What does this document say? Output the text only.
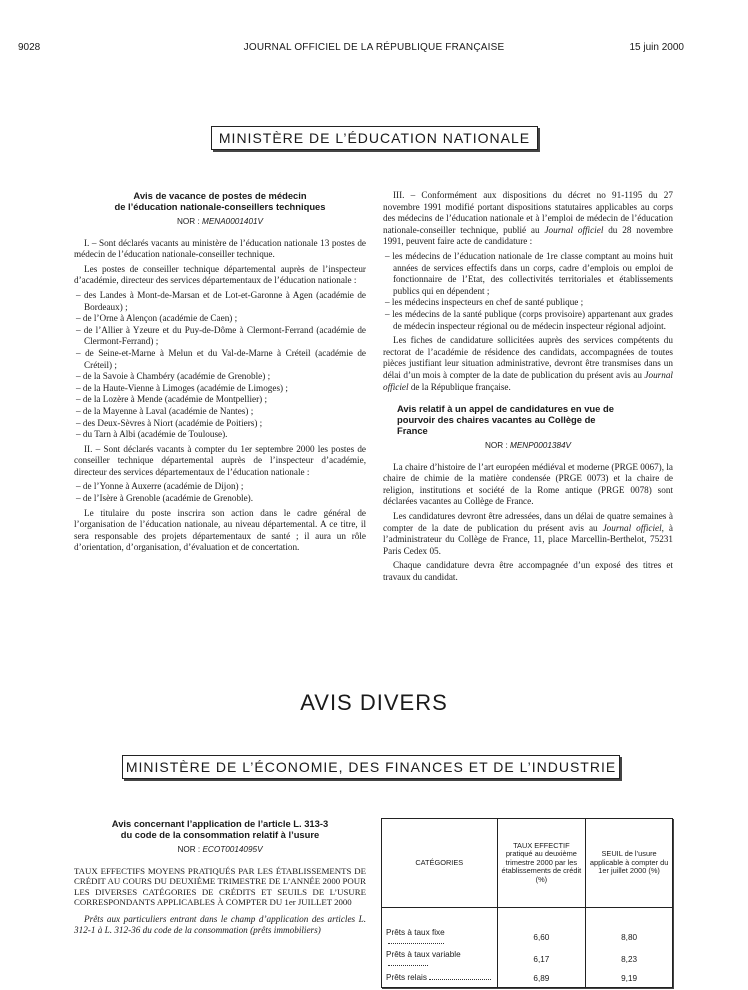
9028	JOURNAL OFFICIEL DE LA RÉPUBLIQUE FRANÇAISE	15 juin 2000
MINISTÈRE DE L’ÉDUCATION NATIONALE
Avis de vacance de postes de médecin
de l’éducation nationale-conseillers techniques
NOR : MENA0001401V

I. – Sont déclarés vacants au ministère de l’éducation nationale 13 postes de médecin de l’éducation nationale-conseiller technique.

Les postes de conseiller technique départemental auprès de l’inspecteur d’académie, directeur des services départementaux de l’éducation nationale :

– des Landes à Mont-de-Marsan et de Lot-et-Garonne à Agen (académie de Bordeaux) ;
– de l’Orne à Alençon (académie de Caen) ;
– de l’Allier à Yzeure et du Puy-de-Dôme à Clermont-Ferrand (académie de Clermont-Ferrand) ;
– de Seine-et-Marne à Melun et du Val-de-Marne à Créteil (académie de Créteil) ;
– de la Savoie à Chambéry (académie de Grenoble) ;
– de la Haute-Vienne à Limoges (académie de Limoges) ;
– de la Lozère à Mende (académie de Montpellier) ;
– de la Mayenne à Laval (académie de Nantes) ;
– des Deux-Sèvres à Niort (académie de Poitiers) ;
– du Tarn à Albi (académie de Toulouse).

II. – Sont déclarés vacants à compter du 1er septembre 2000 les postes de conseiller technique départemental auprès de l’inspecteur d’académie, directeur des services départementaux de l’éducation nationale :

– de l’Yonne à Auxerre (académie de Dijon) ;
– de l’Isère à Grenoble (académie de Grenoble).

Le titulaire du poste inscrira son action dans le cadre général de l’organisation de l’éducation nationale, au niveau départemental. A ce titre, il sera responsable des projets départementaux de santé ; il aura un rôle d’orientation, d’organisation, d’évaluation et de concertation.

III. – Conformément aux dispositions du décret no 91-1195 du 27 novembre 1991 modifié portant dispositions statutaires applicables au corps des médecins de l’éducation nationale et à l’emploi de médecin de l’éducation nationale-conseiller technique, publié au Journal officiel du 28 novembre 1991, peuvent faire acte de candidature :

– les médecins de l’éducation nationale de 1re classe comptant au moins huit années de services effectifs dans un corps, cadre d’emplois ou emploi de fonctionnaire de l’Etat, des collectivités territoriales et établissements publics qui en dépendent ;
– les médecins inspecteurs en chef de santé publique ;
– les médecins de la santé publique (corps provisoire) appartenant aux grades de médecin inspecteur régional ou de médecin inspecteur régional adjoint.

Les fiches de candidature sollicitées auprès des services compétents du rectorat de l’académie de résidence des candidats, accompagnées de toutes pièces justifiant leur situation administrative, devront être transmises dans un délai d’un mois à compter de la date de publication du présent avis au Journal officiel de la République française.

Avis relatif à un appel de candidatures en vue de
pourvoir des chaires vacantes au Collège de
France
NOR : MENP0001384V

La chaire d’histoire de l’art européen médiéval et moderne (PRGE 0067), la chaire de chimie de la matière condensée (PRGE 0073) et la chaire de religion, institutions et société de la Rome antique (PRGE 0078) sont déclarées vacantes au Collège de France.

Les candidatures devront être adressées, dans un délai de quatre semaines à compter de la date de publication du présent avis au Journal officiel, à l’administrateur du Collège de France, 11, place Marcellin-Berthelot, 75231 Paris Cedex 05.

Chaque candidature devra être accompagnée d’un exposé des titres et travaux du candidat.

AVIS DIVERS
MINISTÈRE DE L’ÉCONOMIE, DES FINANCES ET DE L’INDUSTRIE
Avis concernant l’application de l’article L. 313-3
du code de la consommation relatif à l’usure
NOR : ECOT0014095V

TAUX EFFECTIFS MOYENS PRATIQUÉS PAR LES ÉTABLISSEMENTS DE CRÉDIT AU COURS DU DEUXIÈME TRIMESTRE DE L’ANNÉE 2000 POUR LES DIVERSES CATÉGORIES DE CRÉDITS ET SEUILS DE L’USURE CORRESPONDANTS APPLICABLES À COMPTER DU 1er JUILLET 2000

Prêts aux particuliers entrant dans le champ d’application des articles L. 312-1 à L. 312-36 du code de la consommation (prêts immobiliers)

CATÉGORIES	TAUX EFFECTIF pratiqué au deuxième trimestre 2000 par les établissements de crédit (%)	SEUIL de l’usure applicable à compter du 1er juillet 2000 (%)
Prêts à taux fixe	6,60	8,80
Prêts à taux variable	6,17	8,23
Prêts relais	6,89	9,19
